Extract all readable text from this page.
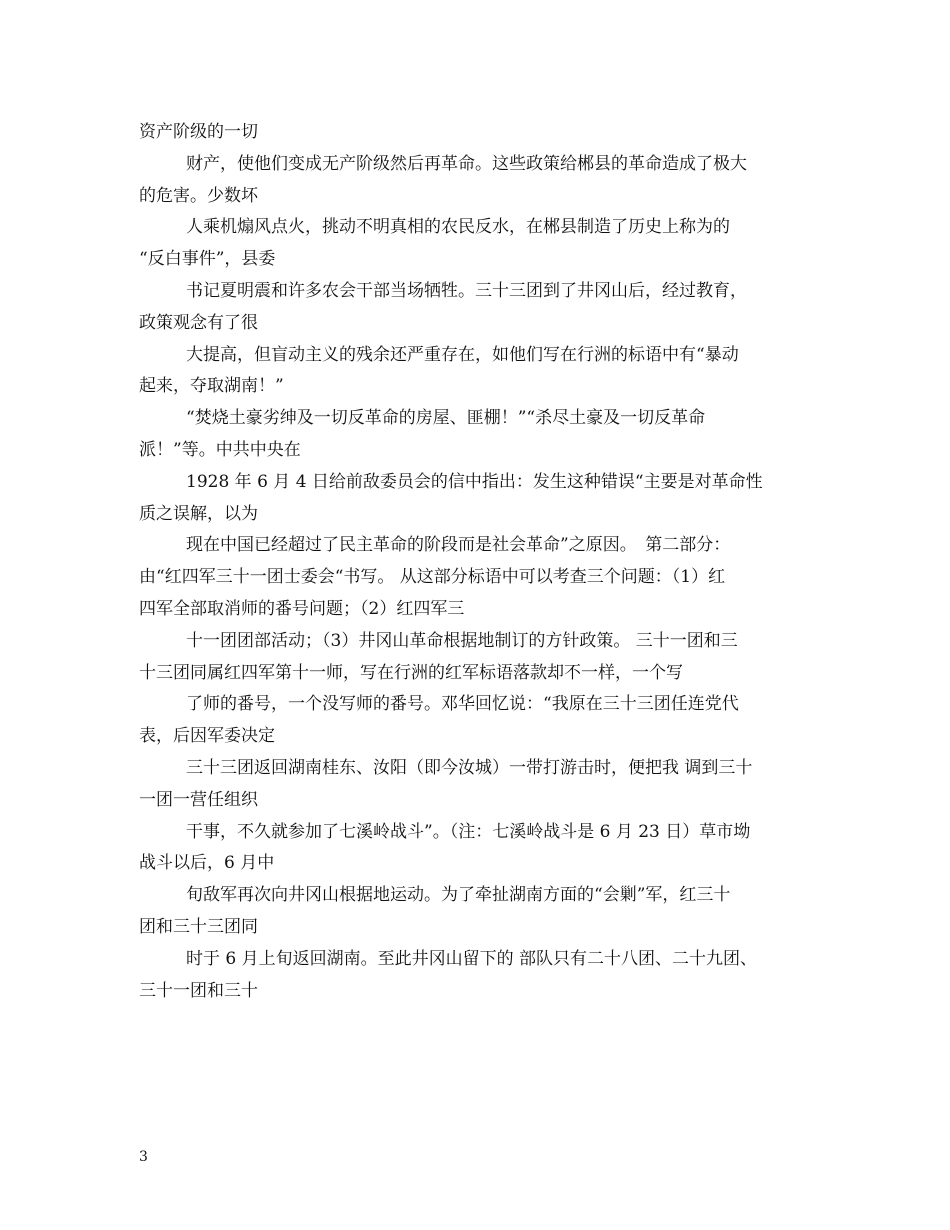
资产阶级的一切
财产，使他们变成无产阶级然后再革命。这些政策给郴县的革命造成了极大
的危害。少数坏
人乘机煽风点火，挑动不明真相的农民反水，在郴县制造了历史上称为的
“反白事件”，县委
书记夏明震和许多农会干部当场牺牲。三十三团到了井冈山后，经过教育，
政策观念有了很
大提高，但盲动主义的残余还严重存在，如他们写在行洲的标语中有“暴动
起来，夺取湖南！”
“焚烧土豪劣绅及一切反革命的房屋、匪棚！”“杀尽土豪及一切反革命
派！”等。中共中央在
1928 年 6 月 4 日给前敌委员会的信中指出：发生这种错误“主要是对革命性
质之误解，以为
现在中国已经超过了民主革命的阶段而是社会革命”之原因。　第二部分：
由“红四军三十一团士委会“书写。 从这部分标语中可以考查三个问题：（1）红
四军全部取消师的番号问题；（2）红四军三
十一团团部活动；（3）井冈山革命根据地制订的方针政策。 三十一团和三
十三团同属红四军第十一师，写在行洲的红军标语落款却不一样，一个写
了师的番号，一个没写师的番号。邓华回忆说：“我原在三十三团任连党代
表，后因军委决定
三十三团返回湖南桂东、汝阳（即今汝城）一带打游击时，便把我 调到三十
一团一营任组织
干事，不久就参加了七溪岭战斗”。（注：七溪岭战斗是 6 月 23 日）草市坳
战斗以后，6 月中
旬敌军再次向井冈山根据地运动。为了牵扯湖南方面的“会剿”军，红三十
团和三十三团同
时于 6 月上旬返回湖南。至此井冈山留下的 部队只有二十八团、二十九团、
三十一团和三十
3
